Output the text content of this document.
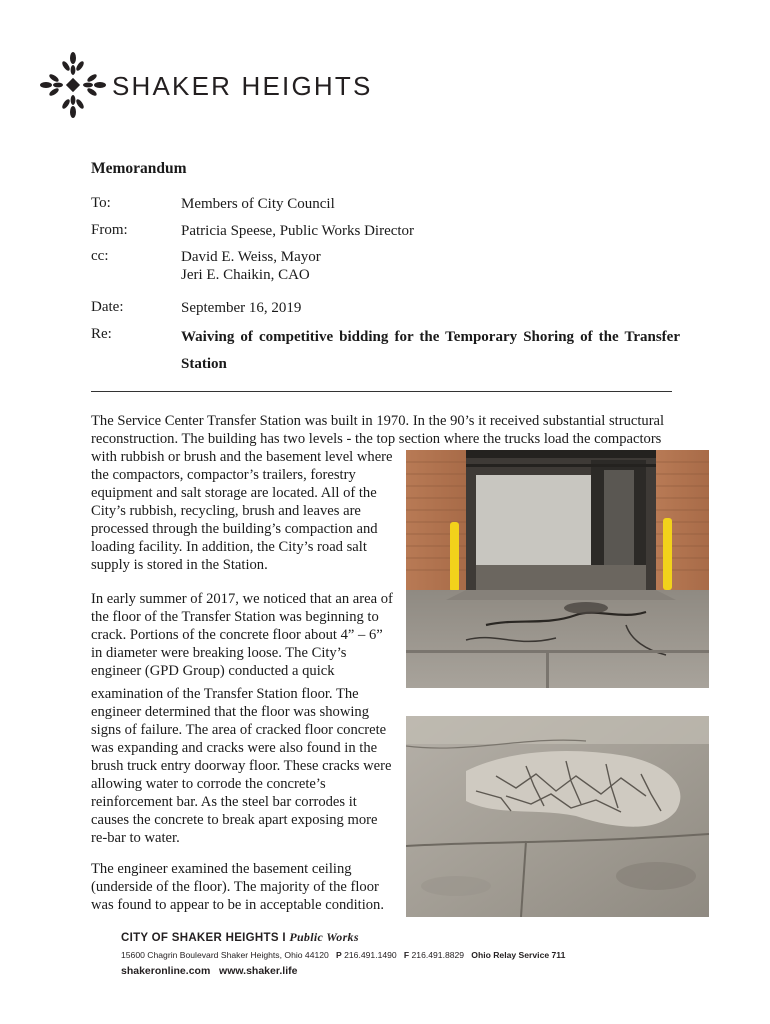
SHAKER HEIGHTS
Memorandum
To:	Members of City Council
From:	Patricia Speese, Public Works Director
cc:	David E. Weiss, Mayor
Jeri E. Chaikin, CAO
Date:	September 16, 2019
Re:	Waiving of competitive bidding for the Temporary Shoring of the Transfer Station
The Service Center Transfer Station was built in 1970. In the 90’s it received substantial structural
reconstruction. The building has two levels - the top section where the trucks load the compactors
with rubbish or brush and the basement level where
the compactors, compactor’s trailers, forestry
equipment and salt storage are located. All of the
City’s rubbish, recycling, brush and leaves are
processed through the building’s compaction and
loading facility. In addition, the City’s road salt
supply is stored in the Station.
In early summer of 2017, we noticed that an area of
the floor of the Transfer Station was beginning to
crack. Portions of the concrete floor about 4” – 6”
in diameter were breaking loose. The City’s
engineer (GPD Group) conducted a quick
examination of the Transfer Station floor. The
engineer determined that the floor was showing
signs of failure. The area of cracked floor concrete
was expanding and cracks were also found in the
brush truck entry doorway floor. These cracks were
allowing water to corrode the concrete’s
reinforcement bar. As the steel bar corrodes it
causes the concrete to break apart exposing more
re-bar to water.
The engineer examined the basement ceiling
(underside of the floor). The majority of the floor
was found to appear to be in acceptable condition.
CITY OF SHAKER HEIGHTS I Public Works
15600 Chagrin Boulevard Shaker Heights, Ohio 44120 P 216.491.1490 F 216.491.8829 Ohio Relay Service 711
shakeronline.com www.shaker.life
